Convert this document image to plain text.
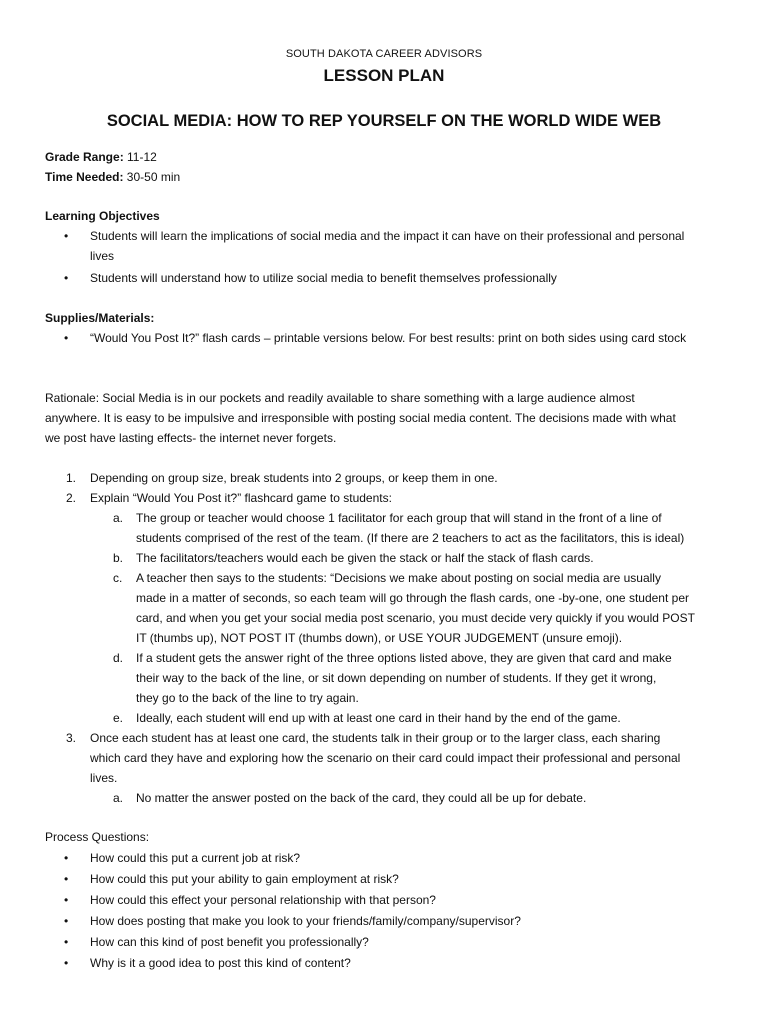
SOUTH DAKOTA CAREER ADVISORS
LESSON PLAN
SOCIAL MEDIA: HOW TO REP YOURSELF ON THE WORLD WIDE WEB
Grade Range: 11-12
Time Needed: 30-50 min
Learning Objectives
• Students will learn the implications of social media and the impact it can have on their professional and personal
lives
• Students will understand how to utilize social media to benefit themselves professionally
Supplies/Materials:
• “Would You Post It?” flash cards – printable versions below. For best results: print on both sides using card stock
Rationale: Social Media is in our pockets and readily available to share something with a large audience almost
anywhere. It is easy to be impulsive and irresponsible with posting social media content. The decisions made with what
we post have lasting effects- the internet never forgets.
1. Depending on group size, break students into 2 groups, or keep them in one.
2. Explain “Would You Post it?” flashcard game to students:
a. The group or teacher would choose 1 facilitator for each group that will stand in the front of a line of
students comprised of the rest of the team. (If there are 2 teachers to act as the facilitators, this is ideal)
b. The facilitators/teachers would each be given the stack or half the stack of flash cards.
c. A teacher then says to the students: “Decisions we make about posting on social media are usually
made in a matter of seconds, so each team will go through the flash cards, one -by-one, one student per
card, and when you get your social media post scenario, you must decide very quickly if you would POST
IT (thumbs up), NOT POST IT (thumbs down), or USE YOUR JUDGEMENT (unsure emoji).
d. If a student gets the answer right of the three options listed above, they are given that card and make
their way to the back of the line, or sit down depending on number of students. If they get it wrong,
they go to the back of the line to try again.
e. Ideally, each student will end up with at least one card in their hand by the end of the game.
3. Once each student has at least one card, the students talk in their group or to the larger class, each sharing
which card they have and exploring how the scenario on their card could impact their professional and personal
lives.
a. No matter the answer posted on the back of the card, they could all be up for debate.
Process Questions:
• How could this put a current job at risk?
• How could this put your ability to gain employment at risk?
• How could this effect your personal relationship with that person?
• How does posting that make you look to your friends/family/company/supervisor?
• How can this kind of post benefit you professionally?
• Why is it a good idea to post this kind of content?
